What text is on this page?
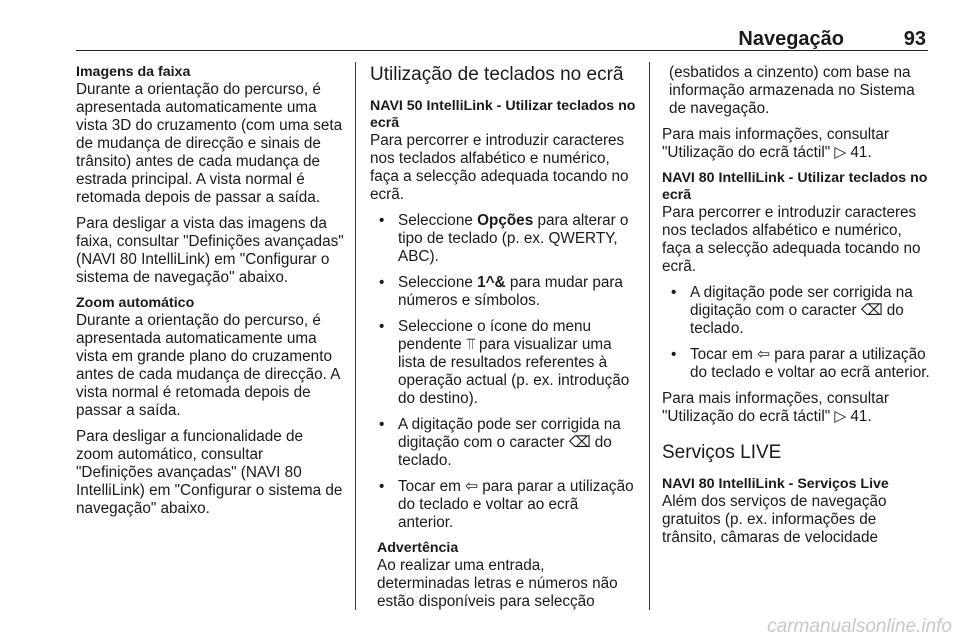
Navegação	93
Imagens da faixa

Durante a orientação do percurso, é apresentada automaticamente uma vista 3D do cruzamento (com uma seta de mudança de direcção e sinais de trânsito) antes de cada mudança de estrada principal. A vista normal é retomada depois de passar a saída.

Para desligar a vista das imagens da faixa, consultar "Definições avançadas" (NAVI 80 IntelliLink) em "Configurar o sistema de navegação" abaixo.

Zoom automático

Durante a orientação do percurso, é apresentada automaticamente uma vista em grande plano do cruzamento antes de cada mudança de direcção. A vista normal é retomada depois de passar a saída.

Para desligar a funcionalidade de zoom automático, consultar "Definições avançadas" (NAVI 80 IntelliLink) em "Configurar o sistema de navegação" abaixo.

Utilização de teclados no ecrã
NAVI 50 IntelliLink - Utilizar teclados no ecrã

Para percorrer e introduzir caracteres nos teclados alfabético e numérico, faça a selecção adequada tocando no ecrã.

• Seleccione Opções para alterar o tipo de teclado (p. ex. QWERTY, ABC).
• Seleccione 1^& para mudar para números e símbolos.
• Seleccione o ícone do menu pendente ⫪ para visualizar uma lista de resultados referentes à operação actual (p. ex. introdução do destino).
• A digitação pode ser corrigida na digitação com o caracter ⌫ do teclado.
• Tocar em ⇦ para parar a utilização do teclado e voltar ao ecrã anterior.
Advertência
Ao realizar uma entrada, determinadas letras e números não estão disponíveis para selecção

(esbatidos a cinzento) com base na informação armazenada no Sistema de navegação.

Para mais informações, consultar "Utilização do ecrã táctil" ▷ 41.

NAVI 80 IntelliLink - Utilizar teclados no ecrã

Para percorrer e introduzir caracteres nos teclados alfabético e numérico, faça a selecção adequada tocando no ecrã.

• A digitação pode ser corrigida na digitação com o caracter ⌫ do teclado.
• Tocar em ⇦ para parar a utilização do teclado e voltar ao ecrã anterior.

Para mais informações, consultar "Utilização do ecrã táctil" ▷ 41.

Serviços LIVE
NAVI 80 IntelliLink - Serviços Live
Além dos serviços de navegação gratuitos (p. ex. informações de trânsito, câmaras de velocidade
carmanualsonline.info
